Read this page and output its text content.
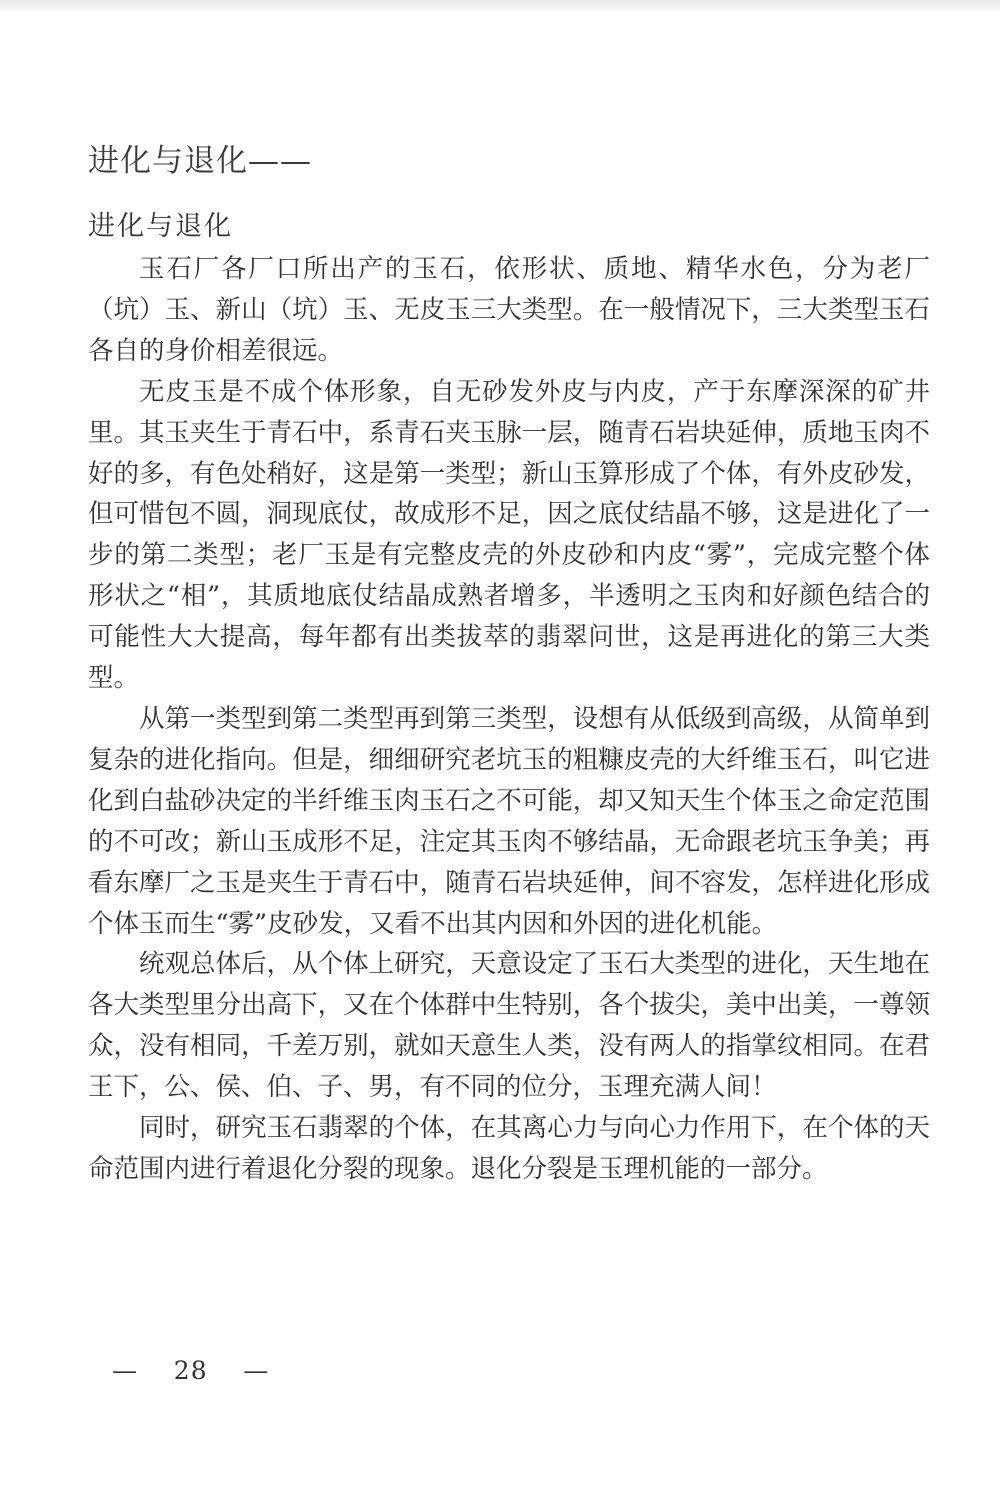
进化与退化——
进化与退化

玉石厂各厂口所出产的玉石，依形状、质地、精华水色，分为老厂（坑）玉、新山（坑）玉、无皮玉三大类型。在一般情况下，三大类型玉石各自的身价相差很远。

无皮玉是不成个体形象，自无砂发外皮与内皮，产于东摩深深的矿井里。其玉夹生于青石中，系青石夹玉脉一层，随青石岩块延伸，质地玉肉不好的多，有色处稍好，这是第一类型；新山玉算形成了个体，有外皮砂发，但可惜包不圆，洞现底仗，故成形不足，因之底仗结晶不够，这是进化了一步的第二类型；老厂玉是有完整皮壳的外皮砂和内皮“雾”，完成完整个体形状之“相”，其质地底仗结晶成熟者增多，半透明之玉肉和好颜色结合的可能性大大提高，每年都有出类拔萃的翡翠问世，这是再进化的第三大类型。

从第一类型到第二类型再到第三类型，设想有从低级到高级，从简单到复杂的进化指向。但是，细细研究老坑玉的粗糠皮壳的大纤维玉石，叫它进化到白盐砂决定的半纤维玉肉玉石之不可能，却又知天生个体玉之命定范围的不可改；新山玉成形不足，注定其玉肉不够结晶，无命跟老坑玉争美；再看东摩厂之玉是夹生于青石中，随青石岩块延伸，间不容发，怎样进化形成个体玉而生“雾”皮砂发，又看不出其内因和外因的进化机能。

统观总体后，从个体上研究，天意设定了玉石大类型的进化，天生地在各大类型里分出高下，又在个体群中生特别，各个拔尖，美中出美，一尊领众，没有相同，千差万别，就如天意生人类，没有两人的指掌纹相同。在君王下，公、侯、伯、子、男，有不同的位分，玉理充满人间！

同时，研究玉石翡翠的个体，在其离心力与向心力作用下，在个体的天命范围内进行着退化分裂的现象。退化分裂是玉理机能的一部分。

— 28 —
